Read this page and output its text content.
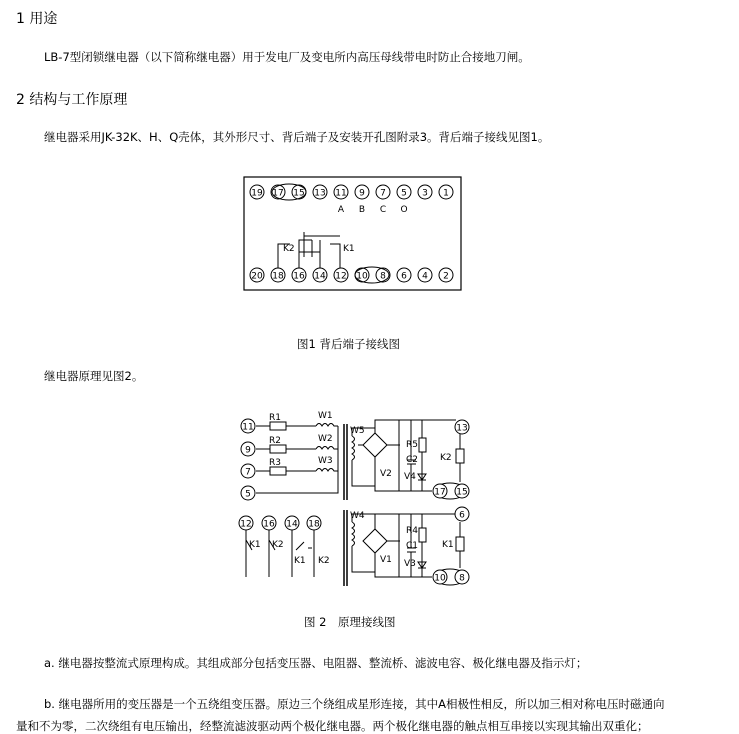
1 用途
LB-7型闭锁继电器（以下简称继电器）用于发电厂及变电所内高压母线带电时防止合接地刀闸。
2 结构与工作原理
继电器采用JK-32K、H、Q壳体，其外形尺寸、背后端子及安装开孔图附录3。背后端子接线见图1。
19 17 15 13 11 9 7 5 3 1
20 18 16 14 12 10 8 6 4 2
A B C O
K2	K1
图1 背后端子接线图
继电器原理见图2。
11
9
7
5
12 16 14 18
R1
R2
R3
W1
W2
W3
W5
W4
R5
C2
V2 V4
K2
R4
C1
V1 V3
K1
K1 K2
K1 K2
13
17 15
6
10 8
图 2　原理接线图
a. 继电器按整流式原理构成。其组成部分包括变压器、电阻器、整流桥、滤波电容、极化继电器及指示灯；
b. 继电器所用的变压器是一个五绕组变压器。原边三个绕组成星形连接，其中A相极性相反，所以加三相对称电压时磁通向
量和不为零，二次绕组有电压输出，经整流滤波驱动两个极化继电器。两个极化继电器的触点相互串接以实现其输出双重化；
